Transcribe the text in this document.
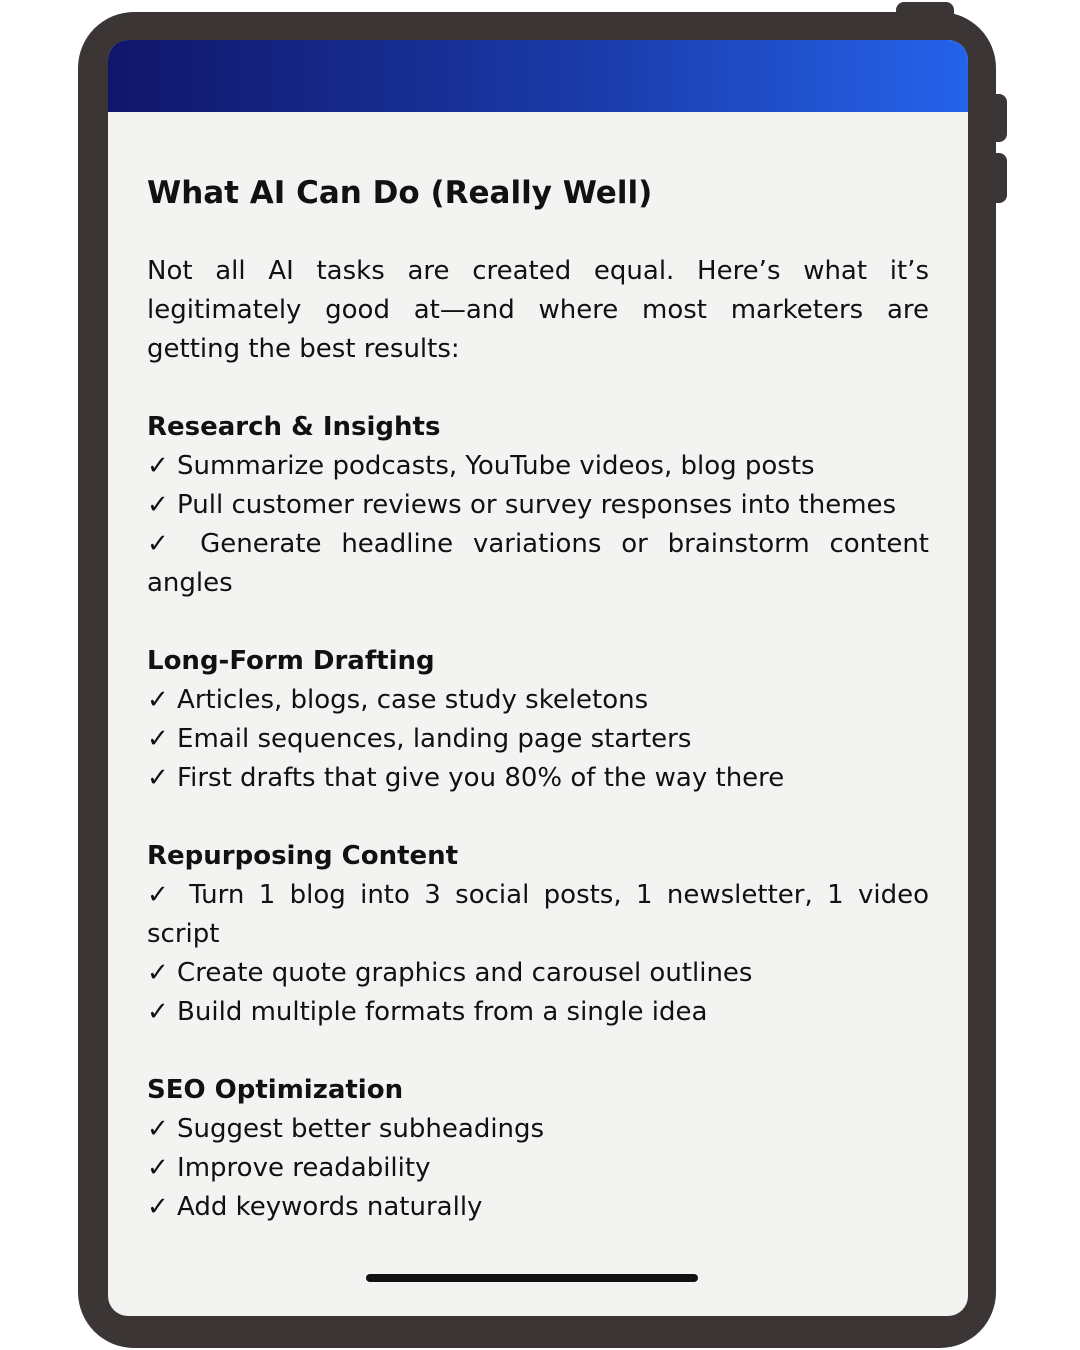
What AI Can Do (Really Well)
Not all AI tasks are created equal. Here’s what it’s legitimately good at—and where most marketers are getting the best results:
Research & Insights
✓ Summarize podcasts, YouTube videos, blog posts
✓ Pull customer reviews or survey responses into themes
✓ Generate headline variations or brainstorm content angles
Long-Form Drafting
✓ Articles, blogs, case study skeletons
✓ Email sequences, landing page starters
✓ First drafts that give you 80% of the way there
Repurposing Content
✓ Turn 1 blog into 3 social posts, 1 newsletter, 1 video script
✓ Create quote graphics and carousel outlines
✓ Build multiple formats from a single idea
SEO Optimization
✓ Suggest better subheadings
✓ Improve readability
✓ Add keywords naturally
